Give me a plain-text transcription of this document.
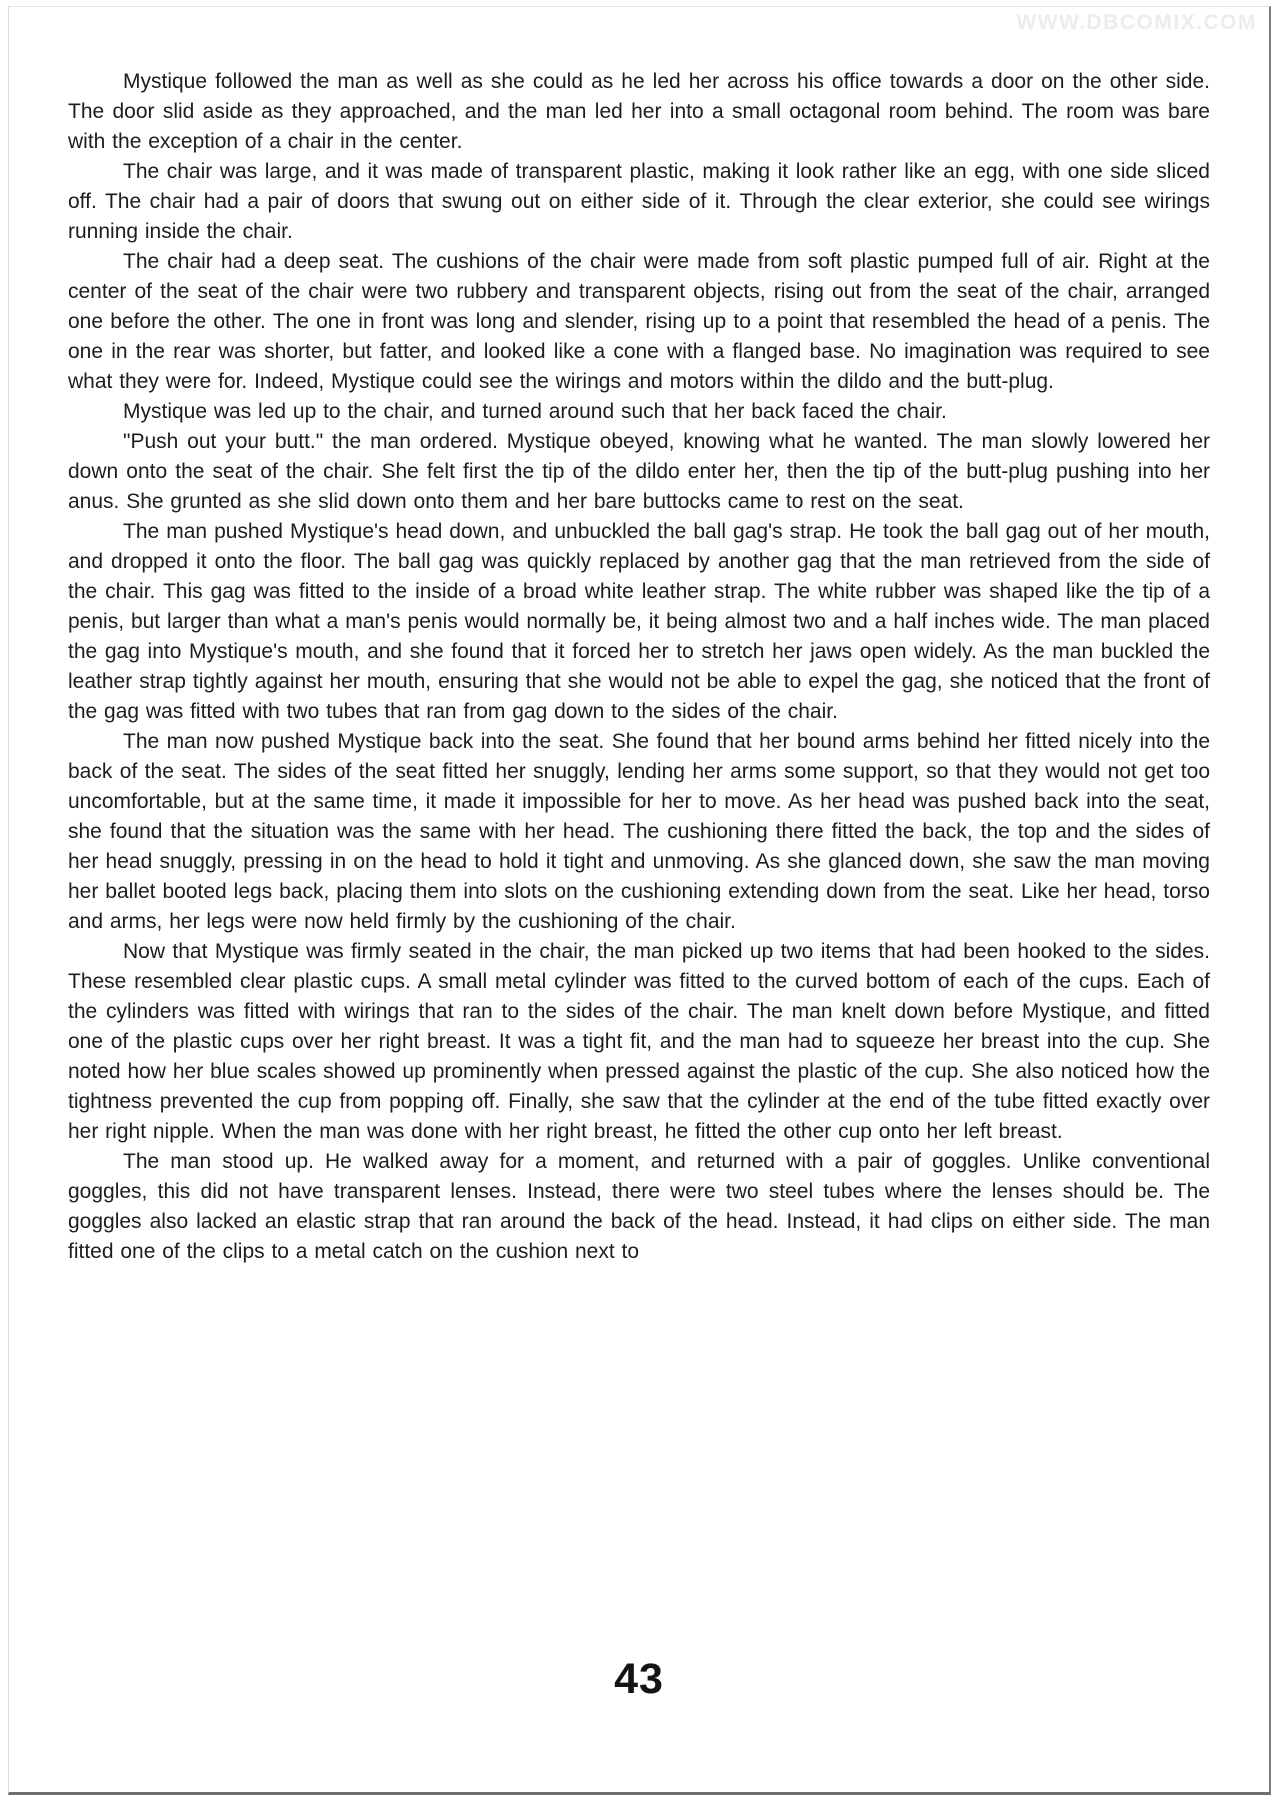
WWW.DBCOMIX.COM

Mystique followed the man as well as she could as he led her across his office towards a door on the other side. The door slid aside as they approached, and the man led her into a small octagonal room behind. The room was bare with the exception of a chair in the center.

The chair was large, and it was made of transparent plastic, making it look rather like an egg, with one side sliced off. The chair had a pair of doors that swung out on either side of it. Through the clear exterior, she could see wirings running inside the chair.

The chair had a deep seat. The cushions of the chair were made from soft plastic pumped full of air. Right at the center of the seat of the chair were two rubbery and transparent objects, rising out from the seat of the chair, arranged one before the other. The one in front was long and slender, rising up to a point that resembled the head of a penis. The one in the rear was shorter, but fatter, and looked like a cone with a flanged base. No imagination was required to see what they were for. Indeed, Mystique could see the wirings and motors within the dildo and the butt-plug.

Mystique was led up to the chair, and turned around such that her back faced the chair.

"Push out your butt." the man ordered. Mystique obeyed, knowing what he wanted. The man slowly lowered her down onto the seat of the chair. She felt first the tip of the dildo enter her, then the tip of the butt-plug pushing into her anus. She grunted as she slid down onto them and her bare buttocks came to rest on the seat.

The man pushed Mystique's head down, and unbuckled the ball gag's strap. He took the ball gag out of her mouth, and dropped it onto the floor. The ball gag was quickly replaced by another gag that the man retrieved from the side of the chair. This gag was fitted to the inside of a broad white leather strap. The white rubber was shaped like the tip of a penis, but larger than what a man's penis would normally be, it being almost two and a half inches wide. The man placed the gag into Mystique's mouth, and she found that it forced her to stretch her jaws open widely. As the man buckled the leather strap tightly against her mouth, ensuring that she would not be able to expel the gag, she noticed that the front of the gag was fitted with two tubes that ran from gag down to the sides of the chair.

The man now pushed Mystique back into the seat. She found that her bound arms behind her fitted nicely into the back of the seat. The sides of the seat fitted her snuggly, lending her arms some support, so that they would not get too uncomfortable, but at the same time, it made it impossible for her to move. As her head was pushed back into the seat, she found that the situation was the same with her head. The cushioning there fitted the back, the top and the sides of her head snuggly, pressing in on the head to hold it tight and unmoving. As she glanced down, she saw the man moving her ballet booted legs back, placing them into slots on the cushioning extending down from the seat. Like her head, torso and arms, her legs were now held firmly by the cushioning of the chair.

Now that Mystique was firmly seated in the chair, the man picked up two items that had been hooked to the sides. These resembled clear plastic cups. A small metal cylinder was fitted to the curved bottom of each of the cups. Each of the cylinders was fitted with wirings that ran to the sides of the chair. The man knelt down before Mystique, and fitted one of the plastic cups over her right breast. It was a tight fit, and the man had to squeeze her breast into the cup. She noted how her blue scales showed up prominently when pressed against the plastic of the cup. She also noticed how the tightness prevented the cup from popping off. Finally, she saw that the cylinder at the end of the tube fitted exactly over her right nipple. When the man was done with her right breast, he fitted the other cup onto her left breast.

The man stood up. He walked away for a moment, and returned with a pair of goggles. Unlike conventional goggles, this did not have transparent lenses. Instead, there were two steel tubes where the lenses should be. The goggles also lacked an elastic strap that ran around the back of the head. Instead, it had clips on either side. The man fitted one of the clips to a metal catch on the cushion next to

43
